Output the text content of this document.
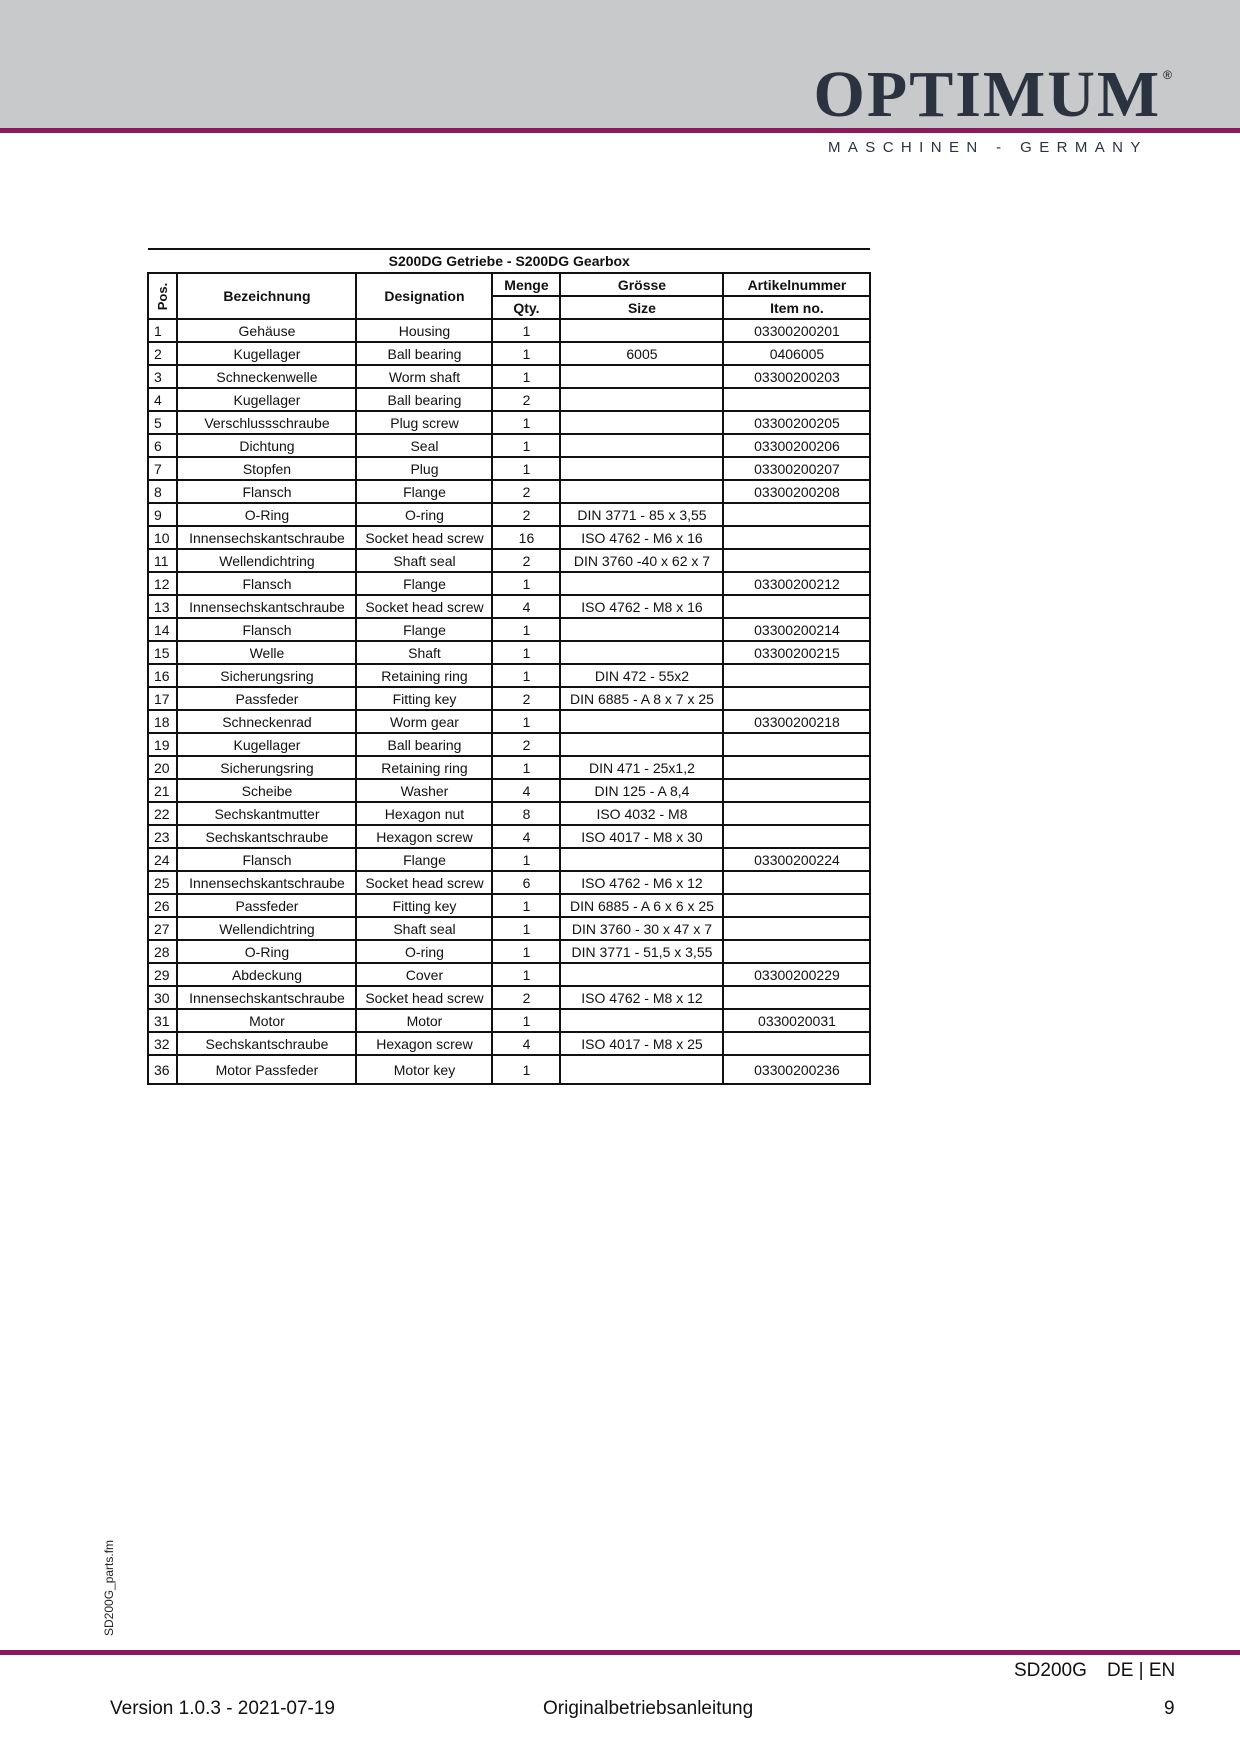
OPTIMUM ®
MASCHINEN - GERMANY
S200DG Getriebe - S200DG Gearbox					
Pos.	Bezeichnung	Designation	Menge	Grösse	Artikelnummer
			Qty.	Size	Item no.
1	Gehäuse	Housing	1		03300200201
2	Kugellager	Ball bearing	1	6005	0406005
3	Schneckenwelle	Worm shaft	1		03300200203
4	Kugellager	Ball bearing	2		
5	Verschlussschraube	Plug screw	1		03300200205
6	Dichtung	Seal	1		03300200206
7	Stopfen	Plug	1		03300200207
8	Flansch	Flange	2		03300200208
9	O-Ring	O-ring	2	DIN 3771 - 85 x 3,55	
10	Innensechskantschraube	Socket head screw	16	ISO 4762 - M6 x 16	
11	Wellendichtring	Shaft seal	2	DIN 3760 -40 x 62 x 7	
12	Flansch	Flange	1		03300200212
13	Innensechskantschraube	Socket head screw	4	ISO 4762 - M8 x 16	
14	Flansch	Flange	1		03300200214
15	Welle	Shaft	1		03300200215
16	Sicherungsring	Retaining ring	1	DIN 472 - 55x2	
17	Passfeder	Fitting key	2	DIN 6885 - A 8 x 7 x 25	
18	Schneckenrad	Worm gear	1		03300200218
19	Kugellager	Ball bearing	2		
20	Sicherungsring	Retaining ring	1	DIN 471 - 25x1,2	
21	Scheibe	Washer	4	DIN 125 - A 8,4	
22	Sechskantmutter	Hexagon nut	8	ISO 4032 - M8	
23	Sechskantschraube	Hexagon screw	4	ISO 4017 - M8 x 30	
24	Flansch	Flange	1		03300200224
25	Innensechskantschraube	Socket head screw	6	ISO 4762 - M6 x 12	
26	Passfeder	Fitting key	1	DIN 6885 - A 6 x 6 x 25	
27	Wellendichtring	Shaft seal	1	DIN 3760 - 30 x 47 x 7	
28	O-Ring	O-ring	1	DIN 3771 - 51,5 x 3,55	
29	Abdeckung	Cover	1		03300200229
30	Innensechskantschraube	Socket head screw	2	ISO 4762 - M8 x 12	
31	Motor	Motor	1		0330020031
32	Sechskantschraube	Hexagon screw	4	ISO 4017 - M8 x 25	
36	Motor Passfeder	Motor key	1		03300200236
SD200G_parts.fm
SD200G DE | EN
Version 1.0.3 - 2021-07-19	Originalbetriebsanleitung	9
